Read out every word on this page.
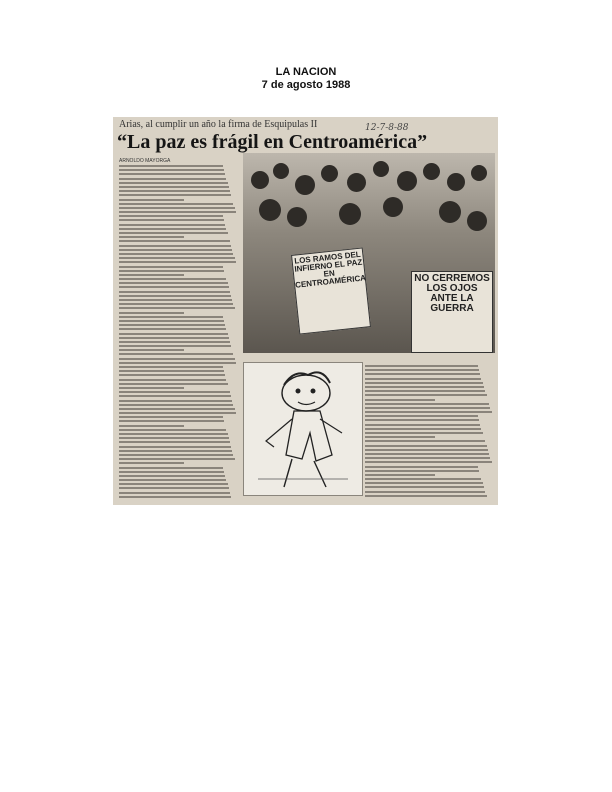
LA NACION
7 de agosto 1988
Arias, al cumplir un año la firma de Esquipulas II	12-7-8-88
“La paz es frágil en Centroamérica”
ARNOLDO MAYORGA
LOS RAMOS DEL INFIERNO EL PAZ EN CENTROAMÉRICA	NO CERREMOS LOS OJOS ANTE LA GUERRA
